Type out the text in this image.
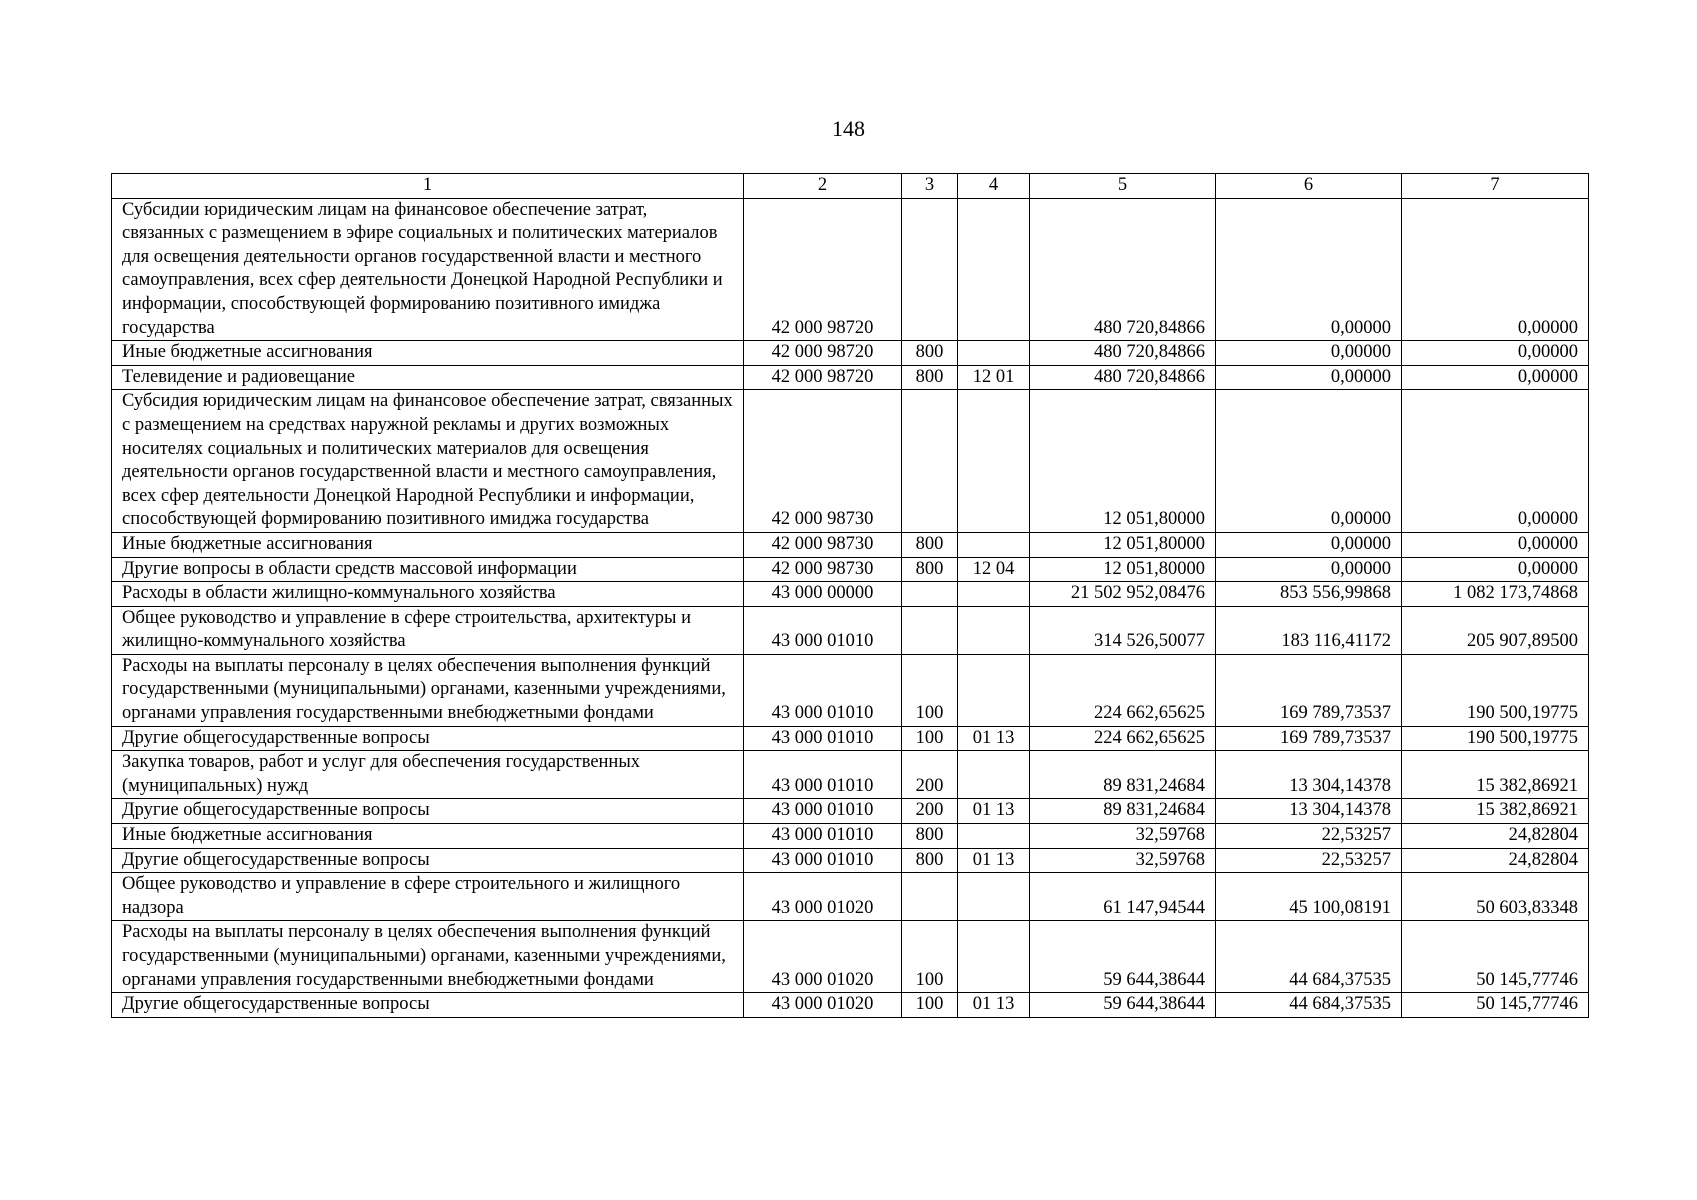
148
1	2	3	4	5	6	7
Субсидии юридическим лицам на финансовое обеспечение затрат, связанных с размещением в эфире социальных и политических материалов для освещения деятельности органов государственной власти и местного самоуправления, всех сфер деятельности Донецкой Народной Республики и информации, способствующей формированию позитивного имиджа государства	42 000 98720			480 720,84866	0,00000	0,00000
Иные бюджетные ассигнования	42 000 98720	800		480 720,84866	0,00000	0,00000
Телевидение и радиовещание	42 000 98720	800	12 01	480 720,84866	0,00000	0,00000
Субсидия юридическим лицам на финансовое обеспечение затрат, связанных с размещением на средствах наружной рекламы и других возможных носителях социальных и политических материалов для освещения деятельности органов государственной власти и местного самоуправления, всех сфер деятельности Донецкой Народной Республики и информации, способствующей формированию позитивного имиджа государства	42 000 98730			12 051,80000	0,00000	0,00000
Иные бюджетные ассигнования	42 000 98730	800		12 051,80000	0,00000	0,00000
Другие вопросы в области средств массовой информации	42 000 98730	800	12 04	12 051,80000	0,00000	0,00000
Расходы в области жилищно-коммунального хозяйства	43 000 00000			21 502 952,08476	853 556,99868	1 082 173,74868
Общее руководство и управление в сфере строительства, архитектуры и жилищно-коммунального хозяйства	43 000 01010			314 526,50077	183 116,41172	205 907,89500
Расходы на выплаты персоналу в целях обеспечения выполнения функций государственными (муниципальными) органами, казенными учреждениями, органами управления государственными внебюджетными фондами	43 000 01010	100		224 662,65625	169 789,73537	190 500,19775
Другие общегосударственные вопросы	43 000 01010	100	01 13	224 662,65625	169 789,73537	190 500,19775
Закупка товаров, работ и услуг для обеспечения государственных (муниципальных) нужд	43 000 01010	200		89 831,24684	13 304,14378	15 382,86921
Другие общегосударственные вопросы	43 000 01010	200	01 13	89 831,24684	13 304,14378	15 382,86921
Иные бюджетные ассигнования	43 000 01010	800		32,59768	22,53257	24,82804
Другие общегосударственные вопросы	43 000 01010	800	01 13	32,59768	22,53257	24,82804
Общее руководство и управление в сфере строительного и жилищного надзора	43 000 01020			61 147,94544	45 100,08191	50 603,83348
Расходы на выплаты персоналу в целях обеспечения выполнения функций государственными (муниципальными) органами, казенными учреждениями, органами управления государственными внебюджетными фондами	43 000 01020	100		59 644,38644	44 684,37535	50 145,77746
Другие общегосударственные вопросы	43 000 01020	100	01 13	59 644,38644	44 684,37535	50 145,77746
